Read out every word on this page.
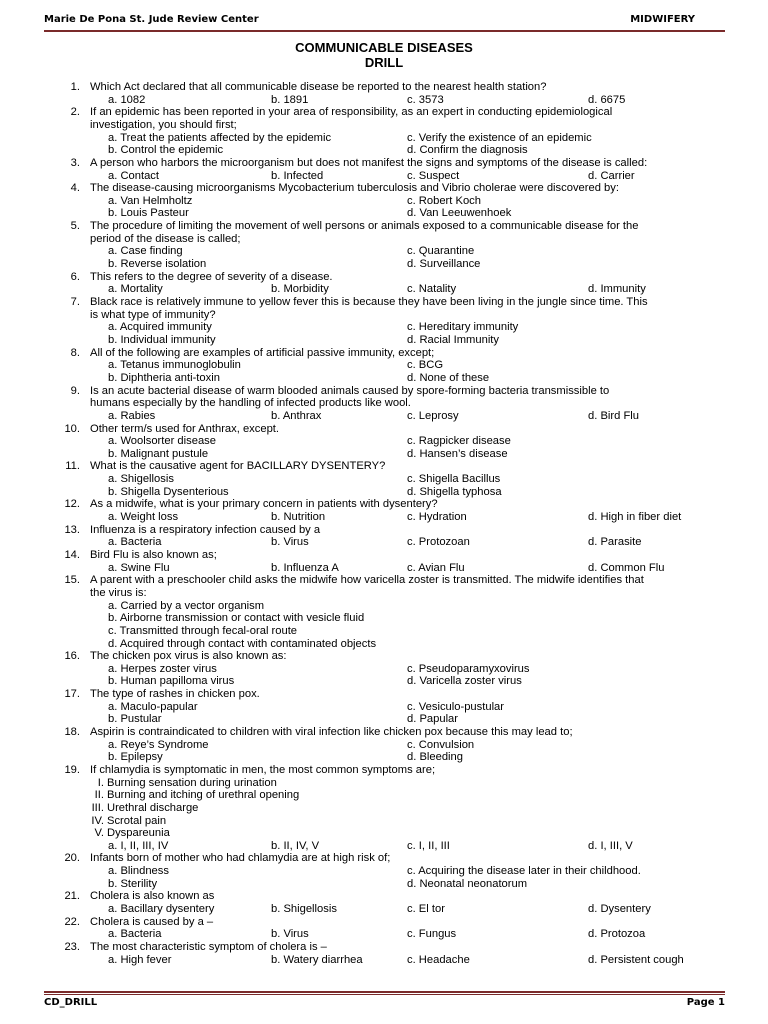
Marie De Pona St. Jude Review Center	MIDWIFERY
COMMUNICABLE DISEASES
DRILL
1. Which Act declared that all communicable disease be reported to the nearest health station?
a. 1082	b. 1891	c. 3573	d. 6675
2. If an epidemic has been reported in your area of responsibility, as an expert in conducting epidemiological
investigation, you should first;
a. Treat the patients affected by the epidemic	c. Verify the existence of an epidemic
b. Control the epidemic	d. Confirm the diagnosis
3. A person who harbors the microorganism but does not manifest the signs and symptoms of the disease is called:
a. Contact	b. Infected	c. Suspect	d. Carrier
4. The disease-causing microorganisms Mycobacterium tuberculosis and Vibrio cholerae were discovered by:
a. Van Helmholtz	c. Robert Koch
b. Louis Pasteur	d. Van Leeuwenhoek
5. The procedure of limiting the movement of well persons or animals exposed to a communicable disease for the
period of the disease is called;
a. Case finding	c. Quarantine
b. Reverse isolation	d. Surveillance
6. This refers to the degree of severity of a disease.
a. Mortality	b. Morbidity	c. Natality	d. Immunity
7. Black race is relatively immune to yellow fever this is because they have been living in the jungle since time. This
is what type of immunity?
a. Acquired immunity	c. Hereditary immunity
b. Individual immunity	d. Racial Immunity
8. All of the following are examples of artificial passive immunity, except;
a. Tetanus immunoglobulin	c. BCG
b. Diphtheria anti-toxin	d. None of these
9. Is an acute bacterial disease of warm blooded animals caused by spore-forming bacteria transmissible to
humans especially by the handling of infected products like wool.
a. Rabies	b. Anthrax	c. Leprosy	d. Bird Flu
10. Other term/s used for Anthrax, except.
a. Woolsorter disease	c. Ragpicker disease
b. Malignant pustule	d. Hansen’s disease
11. What is the causative agent for BACILLARY DYSENTERY?
a. Shigellosis	c. Shigella Bacillus
b. Shigella Dysenterious	d. Shigella typhosa
12. As a midwife, what is your primary concern in patients with dysentery?
a. Weight loss	b. Nutrition	c. Hydration	d. High in fiber diet
13. Influenza is a respiratory infection caused by a
a. Bacteria	b. Virus	c. Protozoan	d. Parasite
14. Bird Flu is also known as;
a. Swine Flu	b. Influenza A	c. Avian Flu	d. Common Flu
15. A parent with a preschooler child asks the midwife how varicella zoster is transmitted. The midwife identifies that
the virus is:
a. Carried by a vector organism
b. Airborne transmission or contact with vesicle fluid
c. Transmitted through fecal-oral route
d. Acquired through contact with contaminated objects
16. The chicken pox virus is also known as:
a. Herpes zoster virus	c. Pseudoparamyxovirus
b. Human papilloma virus	d. Varicella zoster virus
17. The type of rashes in chicken pox.
a. Maculo-papular	c. Vesiculo-pustular
b. Pustular	d. Papular
18. Aspirin is contraindicated to children with viral infection like chicken pox because this may lead to;
a. Reye’s Syndrome	c. Convulsion
b. Epilepsy	d. Bleeding
19. If chlamydia is symptomatic in men, the most common symptoms are;
I. Burning sensation during urination
II. Burning and itching of urethral opening
III. Urethral discharge
IV. Scrotal pain
V. Dyspareunia
a. I, II, III, IV	b. II, IV, V	c. I, II, III	d. I, III, V
20. Infants born of mother who had chlamydia are at high risk of;
a. Blindness	c. Acquiring the disease later in their childhood.
b. Sterility	d. Neonatal neonatorum
21. Cholera is also known as
a. Bacillary dysentery	b. Shigellosis	c. El tor	d. Dysentery
22. Cholera is caused by a –
a. Bacteria	b. Virus	c. Fungus	d. Protozoa
23. The most characteristic symptom of cholera is –
a. High fever	b. Watery diarrhea	c. Headache	d. Persistent cough
CD_DRILL	Page 1
